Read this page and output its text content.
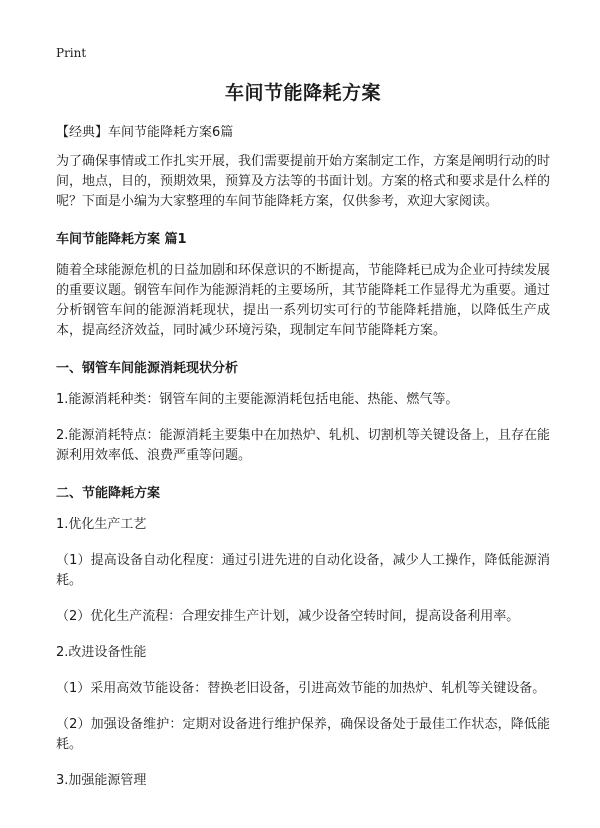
Print
车间节能降耗方案
【经典】车间节能降耗方案6篇

为了确保事情或工作扎实开展，我们需要提前开始方案制定工作，方案是阐明行动的时间，地点，目的，预期效果，预算及方法等的书面计划。方案的格式和要求是什么样的呢？下面是小编为大家整理的车间节能降耗方案，仅供参考，欢迎大家阅读。

车间节能降耗方案 篇1

随着全球能源危机的日益加剧和环保意识的不断提高，节能降耗已成为企业可持续发展的重要议题。钢管车间作为能源消耗的主要场所，其节能降耗工作显得尤为重要。通过分析钢管车间的能源消耗现状，提出一系列切实可行的节能降耗措施，以降低生产成本，提高经济效益，同时减少环境污染，现制定车间节能降耗方案。

一、钢管车间能源消耗现状分析

1.能源消耗种类：钢管车间的主要能源消耗包括电能、热能、燃气等。

2.能源消耗特点：能源消耗主要集中在加热炉、轧机、切割机等关键设备上，且存在能源利用效率低、浪费严重等问题。

二、节能降耗方案

1.优化生产工艺

（1）提高设备自动化程度：通过引进先进的自动化设备，减少人工操作，降低能源消耗。

（2）优化生产流程：合理安排生产计划，减少设备空转时间，提高设备利用率。

2.改进设备性能

（1）采用高效节能设备：替换老旧设备，引进高效节能的加热炉、轧机等关键设备。

（2）加强设备维护：定期对设备进行维护保养，确保设备处于最佳工作状态，降低能耗。

3.加强能源管理
